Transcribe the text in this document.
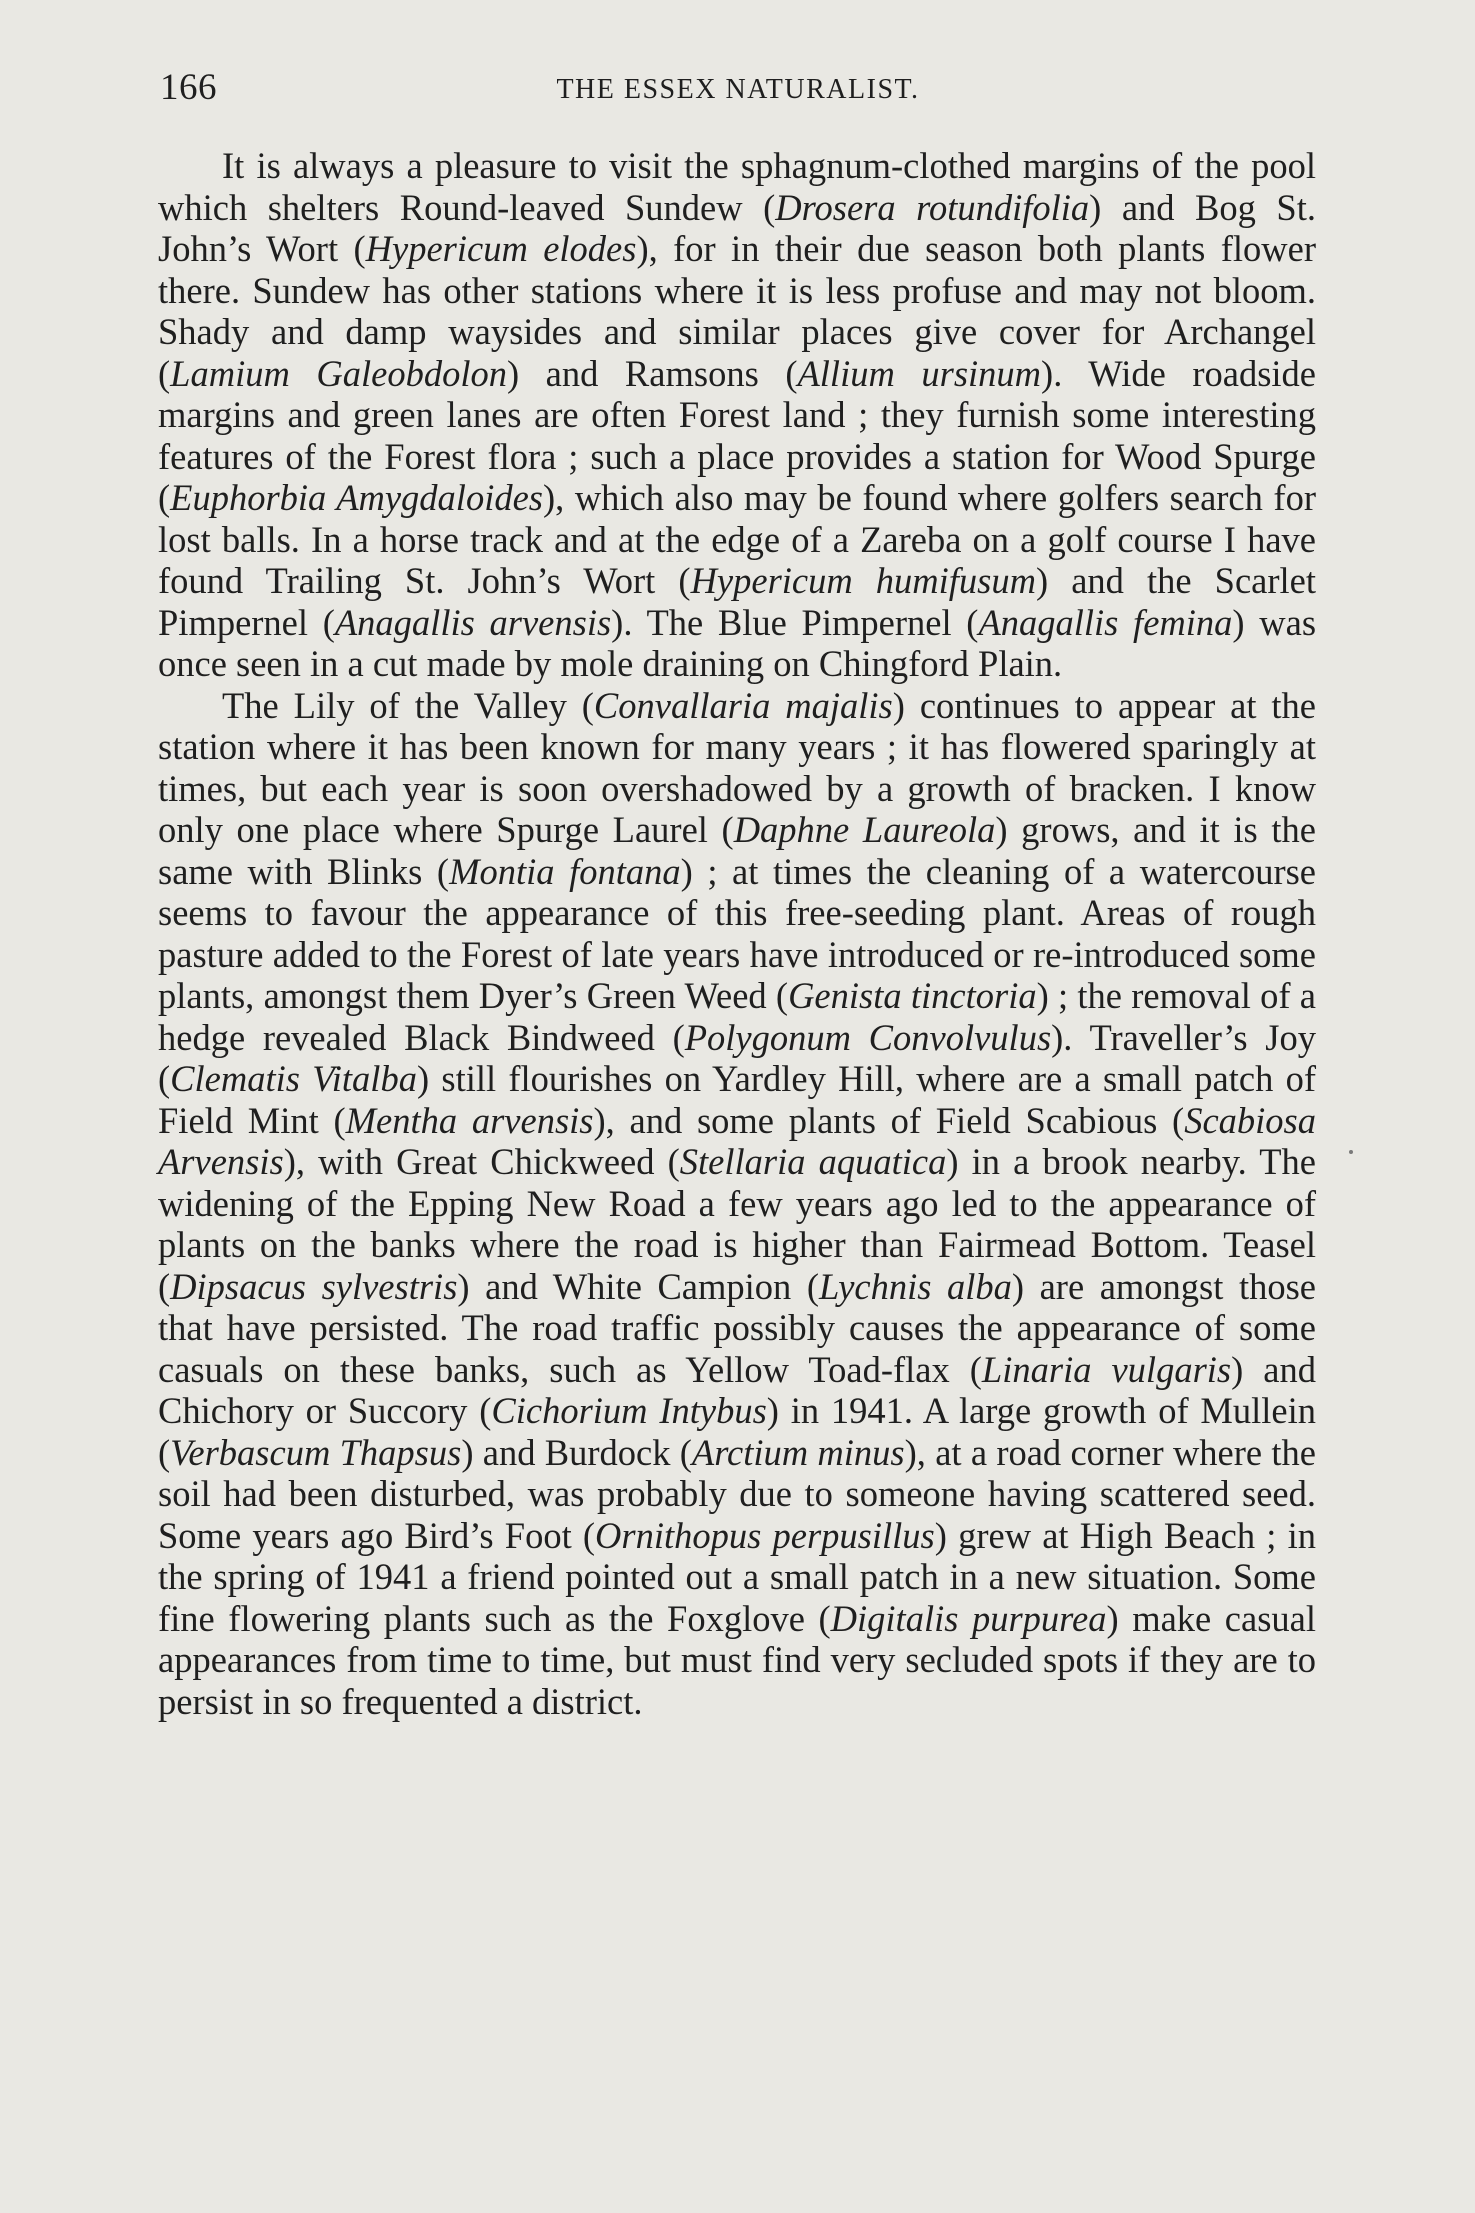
166	THE ESSEX NATURALIST.

It is always a pleasure to visit the sphagnum-clothed margins of the pool which shelters Round-leaved Sundew (Drosera rotundifolia) and Bog St. John’s Wort (Hypericum elodes), for in their due season both plants flower there. Sundew has other stations where it is less profuse and may not bloom. Shady and damp waysides and similar places give cover for Archangel (Lamium Galeobdolon) and Ramsons (Allium ursinum). Wide roadside margins and green lanes are often Forest land ; they furnish some interesting features of the Forest flora ; such a place provides a station for Wood Spurge (Euphorbia Amygdaloides), which also may be found where golfers search for lost balls. In a horse track and at the edge of a Zareba on a golf course I have found Trailing St. John’s Wort (Hypericum humifusum) and the Scarlet Pimpernel (Anagallis arvensis). The Blue Pimpernel (Anagallis femina) was once seen in a cut made by mole draining on Chingford Plain.

The Lily of the Valley (Convallaria majalis) continues to appear at the station where it has been known for many years ; it has flowered sparingly at times, but each year is soon overshadowed by a growth of bracken. I know only one place where Spurge Laurel (Daphne Laureola) grows, and it is the same with Blinks (Montia fontana) ; at times the cleaning of a watercourse seems to favour the appearance of this free-seeding plant. Areas of rough pasture added to the Forest of late years have introduced or re-introduced some plants, amongst them Dyer’s Green Weed (Genista tinctoria) ; the removal of a hedge revealed Black Bindweed (Polygonum Convolvulus). Traveller’s Joy (Clematis Vitalba) still flourishes on Yardley Hill, where are a small patch of Field Mint (Mentha arvensis), and some plants of Field Scabious (Scabiosa Arvensis), with Great Chickweed (Stellaria aquatica) in a brook nearby. The widening of the Epping New Road a few years ago led to the appearance of plants on the banks where the road is higher than Fairmead Bottom. Teasel (Dipsacus sylvestris) and White Campion (Lychnis alba) are amongst those that have persisted. The road traffic possibly causes the appearance of some casuals on these banks, such as Yellow Toad-flax (Linaria vulgaris) and Chichory or Succory (Cichorium Intybus) in 1941. A large growth of Mullein (Verbascum Thapsus) and Burdock (Arctium minus), at a road corner where the soil had been disturbed, was probably due to someone having scattered seed. Some years ago Bird’s Foot (Ornithopus perpusillus) grew at High Beach ; in the spring of 1941 a friend pointed out a small patch in a new situation. Some fine flowering plants such as the Foxglove (Digitalis purpurea) make casual appearances from time to time, but must find very secluded spots if they are to persist in so frequented a district.
